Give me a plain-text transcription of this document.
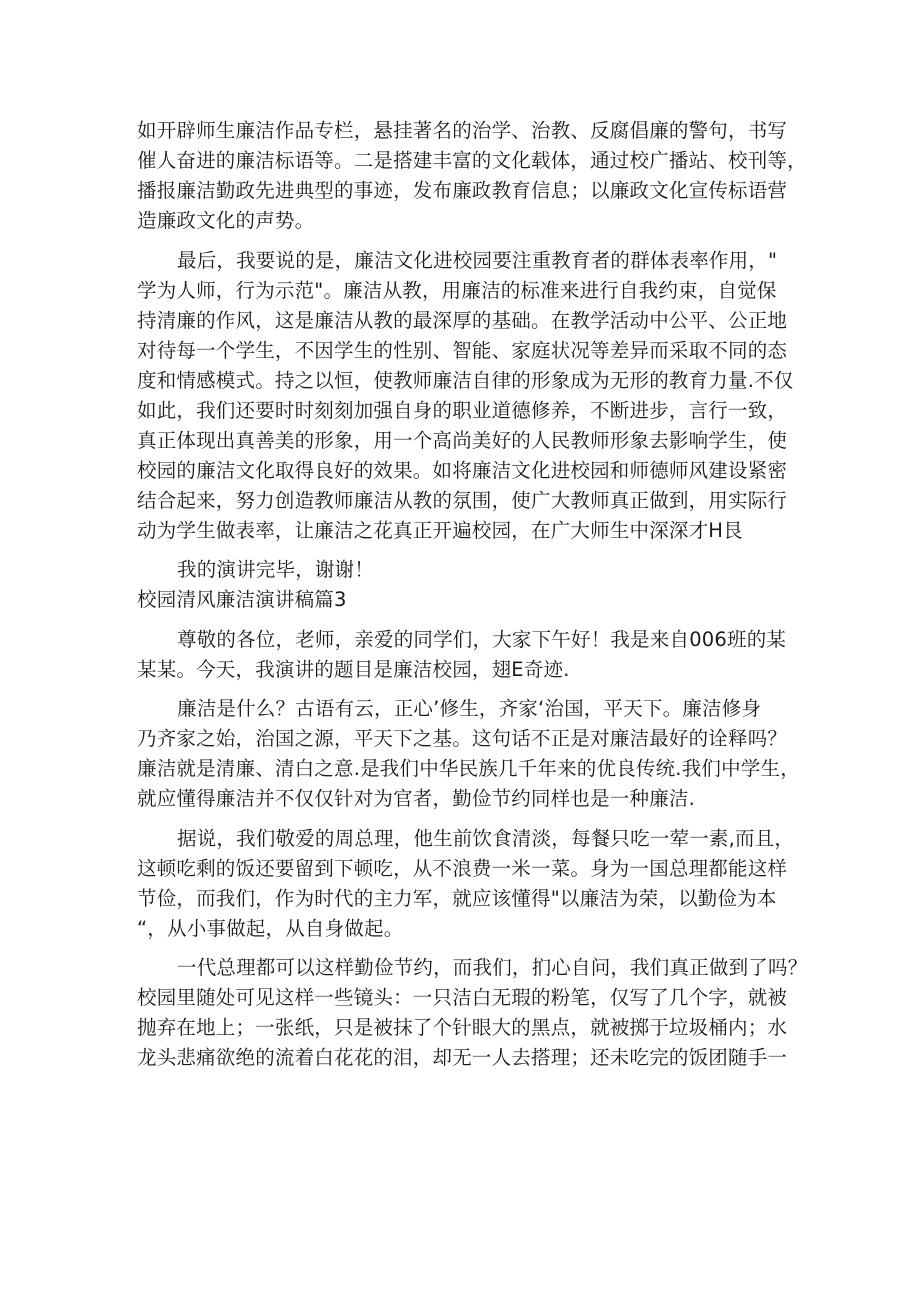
如开辟师生廉洁作品专栏，悬挂著名的治学、治教、反腐倡廉的警句，书写
催人奋进的廉洁标语等。二是搭建丰富的文化载体，通过校广播站、校刊等，
播报廉洁勤政先进典型的事迹，发布廉政教育信息；以廉政文化宣传标语营
造廉政文化的声势。
最后，我要说的是，廉洁文化进校园要注重教育者的群体表率作用，"
学为人师，行为示范"。廉洁从教，用廉洁的标准来进行自我约束，自觉保
持清廉的作风，这是廉洁从教的最深厚的基础。在教学活动中公平、公正地
对待每一个学生，不因学生的性别、智能、家庭状况等差异而采取不同的态
度和情感模式。持之以恒，使教师廉洁自律的形象成为无形的教育力量.不仅
如此，我们还要时时刻刻加强自身的职业道德修养，不断进步，言行一致，
真正体现出真善美的形象，用一个高尚美好的人民教师形象去影响学生，使
校园的廉洁文化取得良好的效果。如将廉洁文化进校园和师德师风建设紧密
结合起来，努力创造教师廉洁从教的氛围，使广大教师真正做到，用实际行
动为学生做表率，让廉洁之花真正开遍校园，在广大师生中深深才H艮
我的演讲完毕，谢谢！
校园清风廉洁演讲稿篇3
尊敬的各位，老师，亲爱的同学们，大家下午好！我是来自006班的某
某某。今天，我演讲的题目是廉洁校园，翅E奇迹.
廉洁是什么？古语有云，正心’修生，齐家‘治国，平天下。廉洁修身
乃齐家之始，治国之源，平天下之基。这句话不正是对廉洁最好的诠释吗？
廉洁就是清廉、清白之意.是我们中华民族几千年来的优良传统.我们中学生，
就应懂得廉洁并不仅仅针对为官者，勤俭节约同样也是一种廉洁.
据说，我们敬爱的周总理，他生前饮食清淡，每餐只吃一荤一素,而且，
这顿吃剩的饭还要留到下顿吃，从不浪费一米一菜。身为一国总理都能这样
节俭，而我们，作为时代的主力军，就应该懂得"以廉洁为荣，以勤俭为本
“，从小事做起，从自身做起。
一代总理都可以这样勤俭节约，而我们，扪心自问，我们真正做到了吗？
校园里随处可见这样一些镜头：一只洁白无瑕的粉笔，仅写了几个字，就被
抛弃在地上；一张纸，只是被抹了个针眼大的黑点，就被掷于垃圾桶内；水
龙头悲痛欲绝的流着白花花的泪，却无一人去搭理；还未吃完的饭团随手一
